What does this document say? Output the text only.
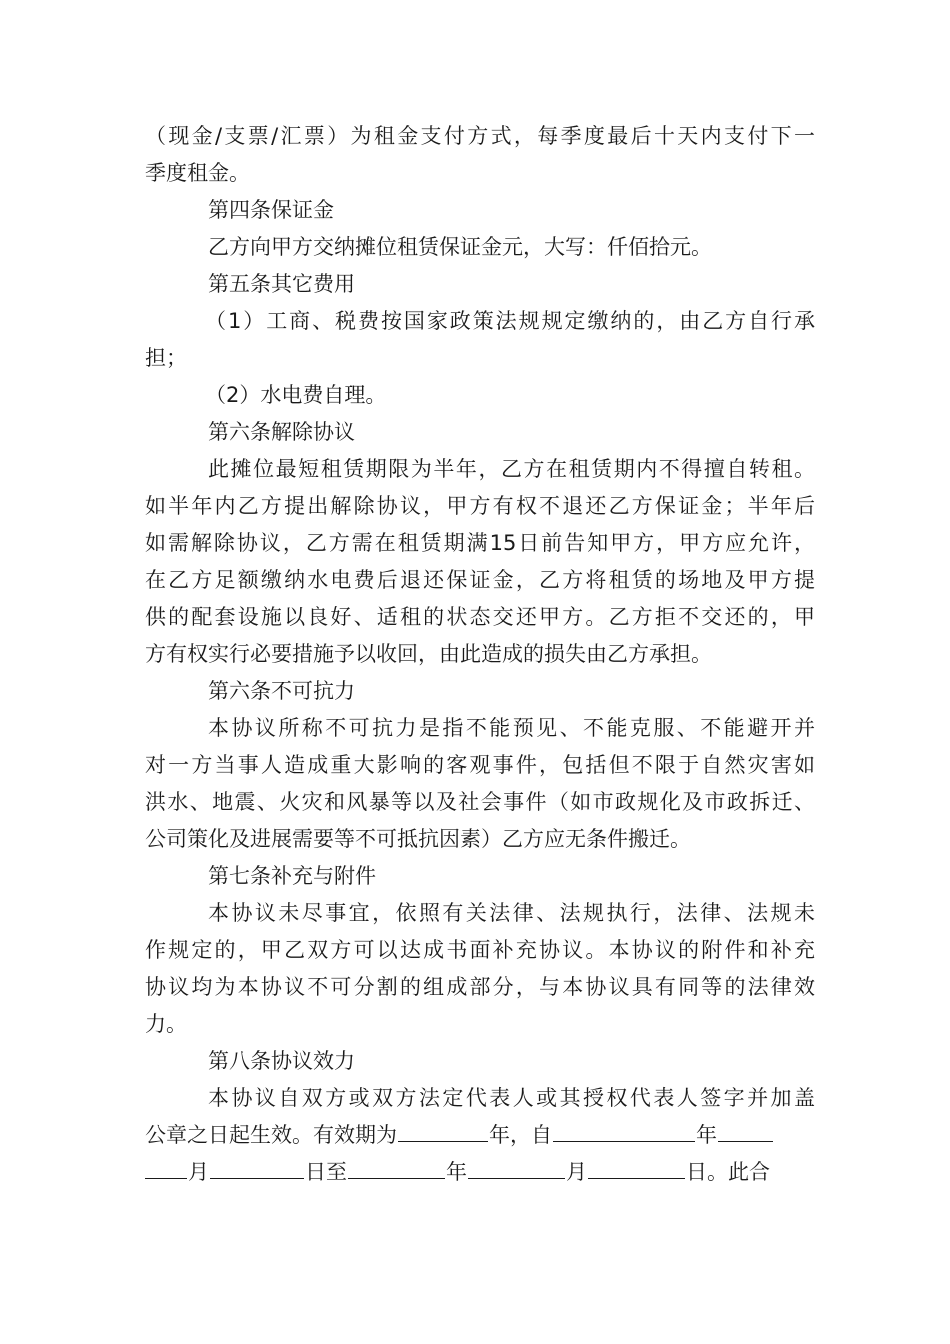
（现金/支票/汇票）为租金支付方式，每季度最后十天内支付下一
季度租金。
第四条保证金
乙方向甲方交纳摊位租赁保证金元，大写：仟佰拾元。
第五条其它费用
（1）工商、税费按国家政策法规规定缴纳的，由乙方自行承
担；
（2）水电费自理。
第六条解除协议
此摊位最短租赁期限为半年，乙方在租赁期内不得擅自转租。
如半年内乙方提出解除协议，甲方有权不退还乙方保证金；半年后
如需解除协议，乙方需在租赁期满15日前告知甲方，甲方应允许，
在乙方足额缴纳水电费后退还保证金，乙方将租赁的场地及甲方提
供的配套设施以良好、适租的状态交还甲方。乙方拒不交还的，甲
方有权实行必要措施予以收回，由此造成的损失由乙方承担。
第六条不可抗力
本协议所称不可抗力是指不能预见、不能克服、不能避开并
对一方当事人造成重大影响的客观事件，包括但不限于自然灾害如
洪水、地震、火灾和风暴等以及社会事件（如市政规化及市政拆迁、
公司策化及进展需要等不可抵抗因素）乙方应无条件搬迁。
第七条补充与附件
本协议未尽事宜，依照有关法律、法规执行，法律、法规未
作规定的，甲乙双方可以达成书面补充协议。本协议的附件和补充
协议均为本协议不可分割的组成部分，与本协议具有同等的法律效
力。
第八条协议效力
本协议自双方或双方法定代表人或其授权代表人签字并加盖
公章之日起生效。有效期为	年，自	年
月	日至	年	月	日。此合
